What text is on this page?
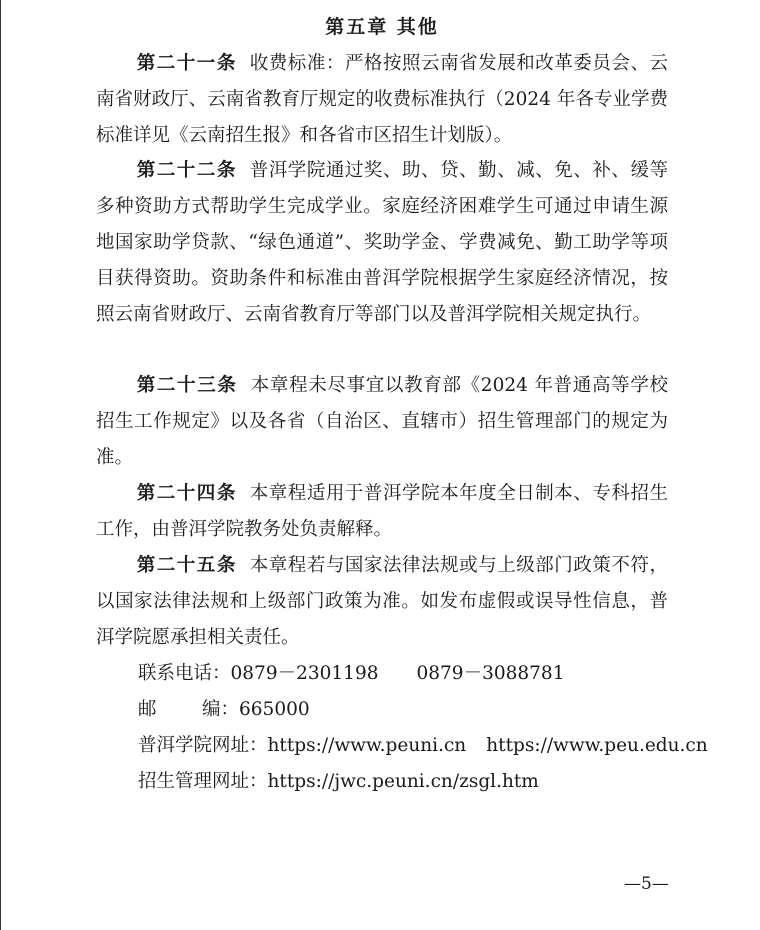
第五章 其他

第二十一条 收费标准：严格按照云南省发展和改革委员会、云南省财政厅、云南省教育厅规定的收费标准执行（2024 年各专业学费标准详见《云南招生报》和各省市区招生计划版）。

第二十二条 普洱学院通过奖、助、贷、勤、减、免、补、缓等多种资助方式帮助学生完成学业。家庭经济困难学生可通过申请生源地国家助学贷款、“绿色通道”、奖助学金、学费减免、勤工助学等项目获得资助。资助条件和标准由普洱学院根据学生家庭经济情况，按照云南省财政厅、云南省教育厅等部门以及普洱学院相关规定执行。

第二十三条 本章程未尽事宜以教育部《2024 年普通高等学校招生工作规定》以及各省（自治区、直辖市）招生管理部门的规定为准。

第二十四条 本章程适用于普洱学院本年度全日制本、专科招生工作，由普洱学院教务处负责解释。

第二十五条 本章程若与国家法律法规或与上级部门政策不符，以国家法律法规和上级部门政策为准。如发布虚假或误导性信息，普洱学院愿承担相关责任。

联系电话：0879－2301198 0879－3088781
邮 编：665000
普洱学院网址：https://www.peuni.cn https://www.peu.edu.cn
招生管理网址：https://jwc.peuni.cn/zsgl.htm
—5—
